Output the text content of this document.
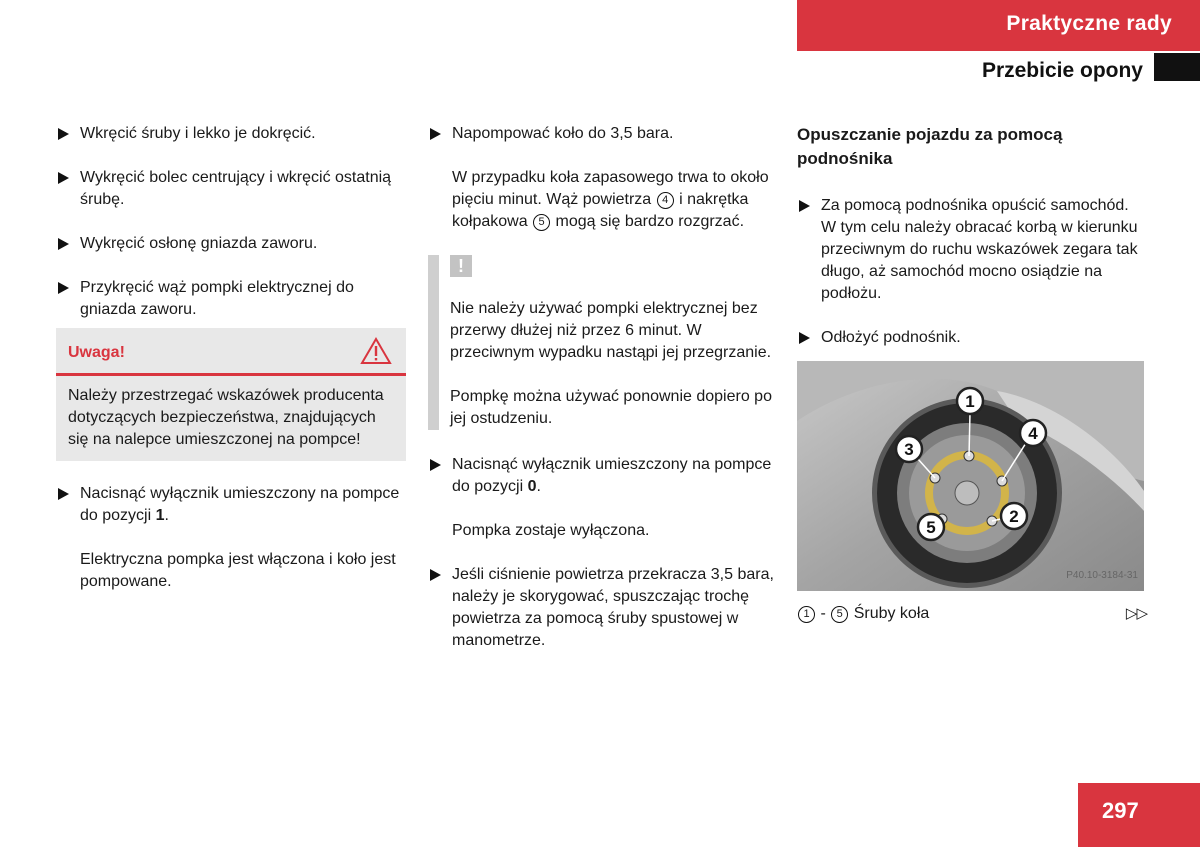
Praktyczne rady
Przebicie opony
Wkręcić śruby i lekko je dokręcić.
Wykręcić bolec centrujący i wkręcić ostatnią śrubę.
Wykręcić osłonę gniazda zaworu.
Przykręcić wąż pompki elektrycznej do gniazda zaworu.
Uwaga!
Należy przestrzegać wskazówek producenta dotyczących bezpieczeństwa, znajdujących się na nalepce umieszczonej na pompce!
Nacisnąć wyłącznik umieszczony na pompce do pozycji 1.
Elektryczna pompka jest włączona i koło jest pompowane.
Napompować koło do 3,5 bara.
W przypadku koła zapasowego trwa to około pięciu minut. Wąż powietrza 4 i nakrętka kołpakowa 5 mogą się bardzo rozgrzać.
!

Nie należy używać pompki elektrycznej bez przerwy dłużej niż przez 6 minut. W przeciwnym wypadku nastąpi jej przegrzanie.

Pompkę można używać ponownie dopiero po jej ostudzeniu.

Nacisnąć wyłącznik umieszczony na pompce do pozycji 0.
Pompka zostaje wyłączona.
Jeśli ciśnienie powietrza przekracza 3,5 bara, należy je skorygować, spuszczając trochę powietrza za pomocą śruby spustowej w manometrze.
Opuszczanie pojazdu za pomocą podnośnika
Za pomocą podnośnika opuścić samochód. W tym celu należy obracać korbą w kierunku przeciwnym do ruchu wskazówek zegara tak długo, aż samochód mocno osiądzie na podłożu.
Odłożyć podnośnik.
1
2
3
4
5
P40.10-3184-31
1 - 5 Śruby koła	▷▷
297
